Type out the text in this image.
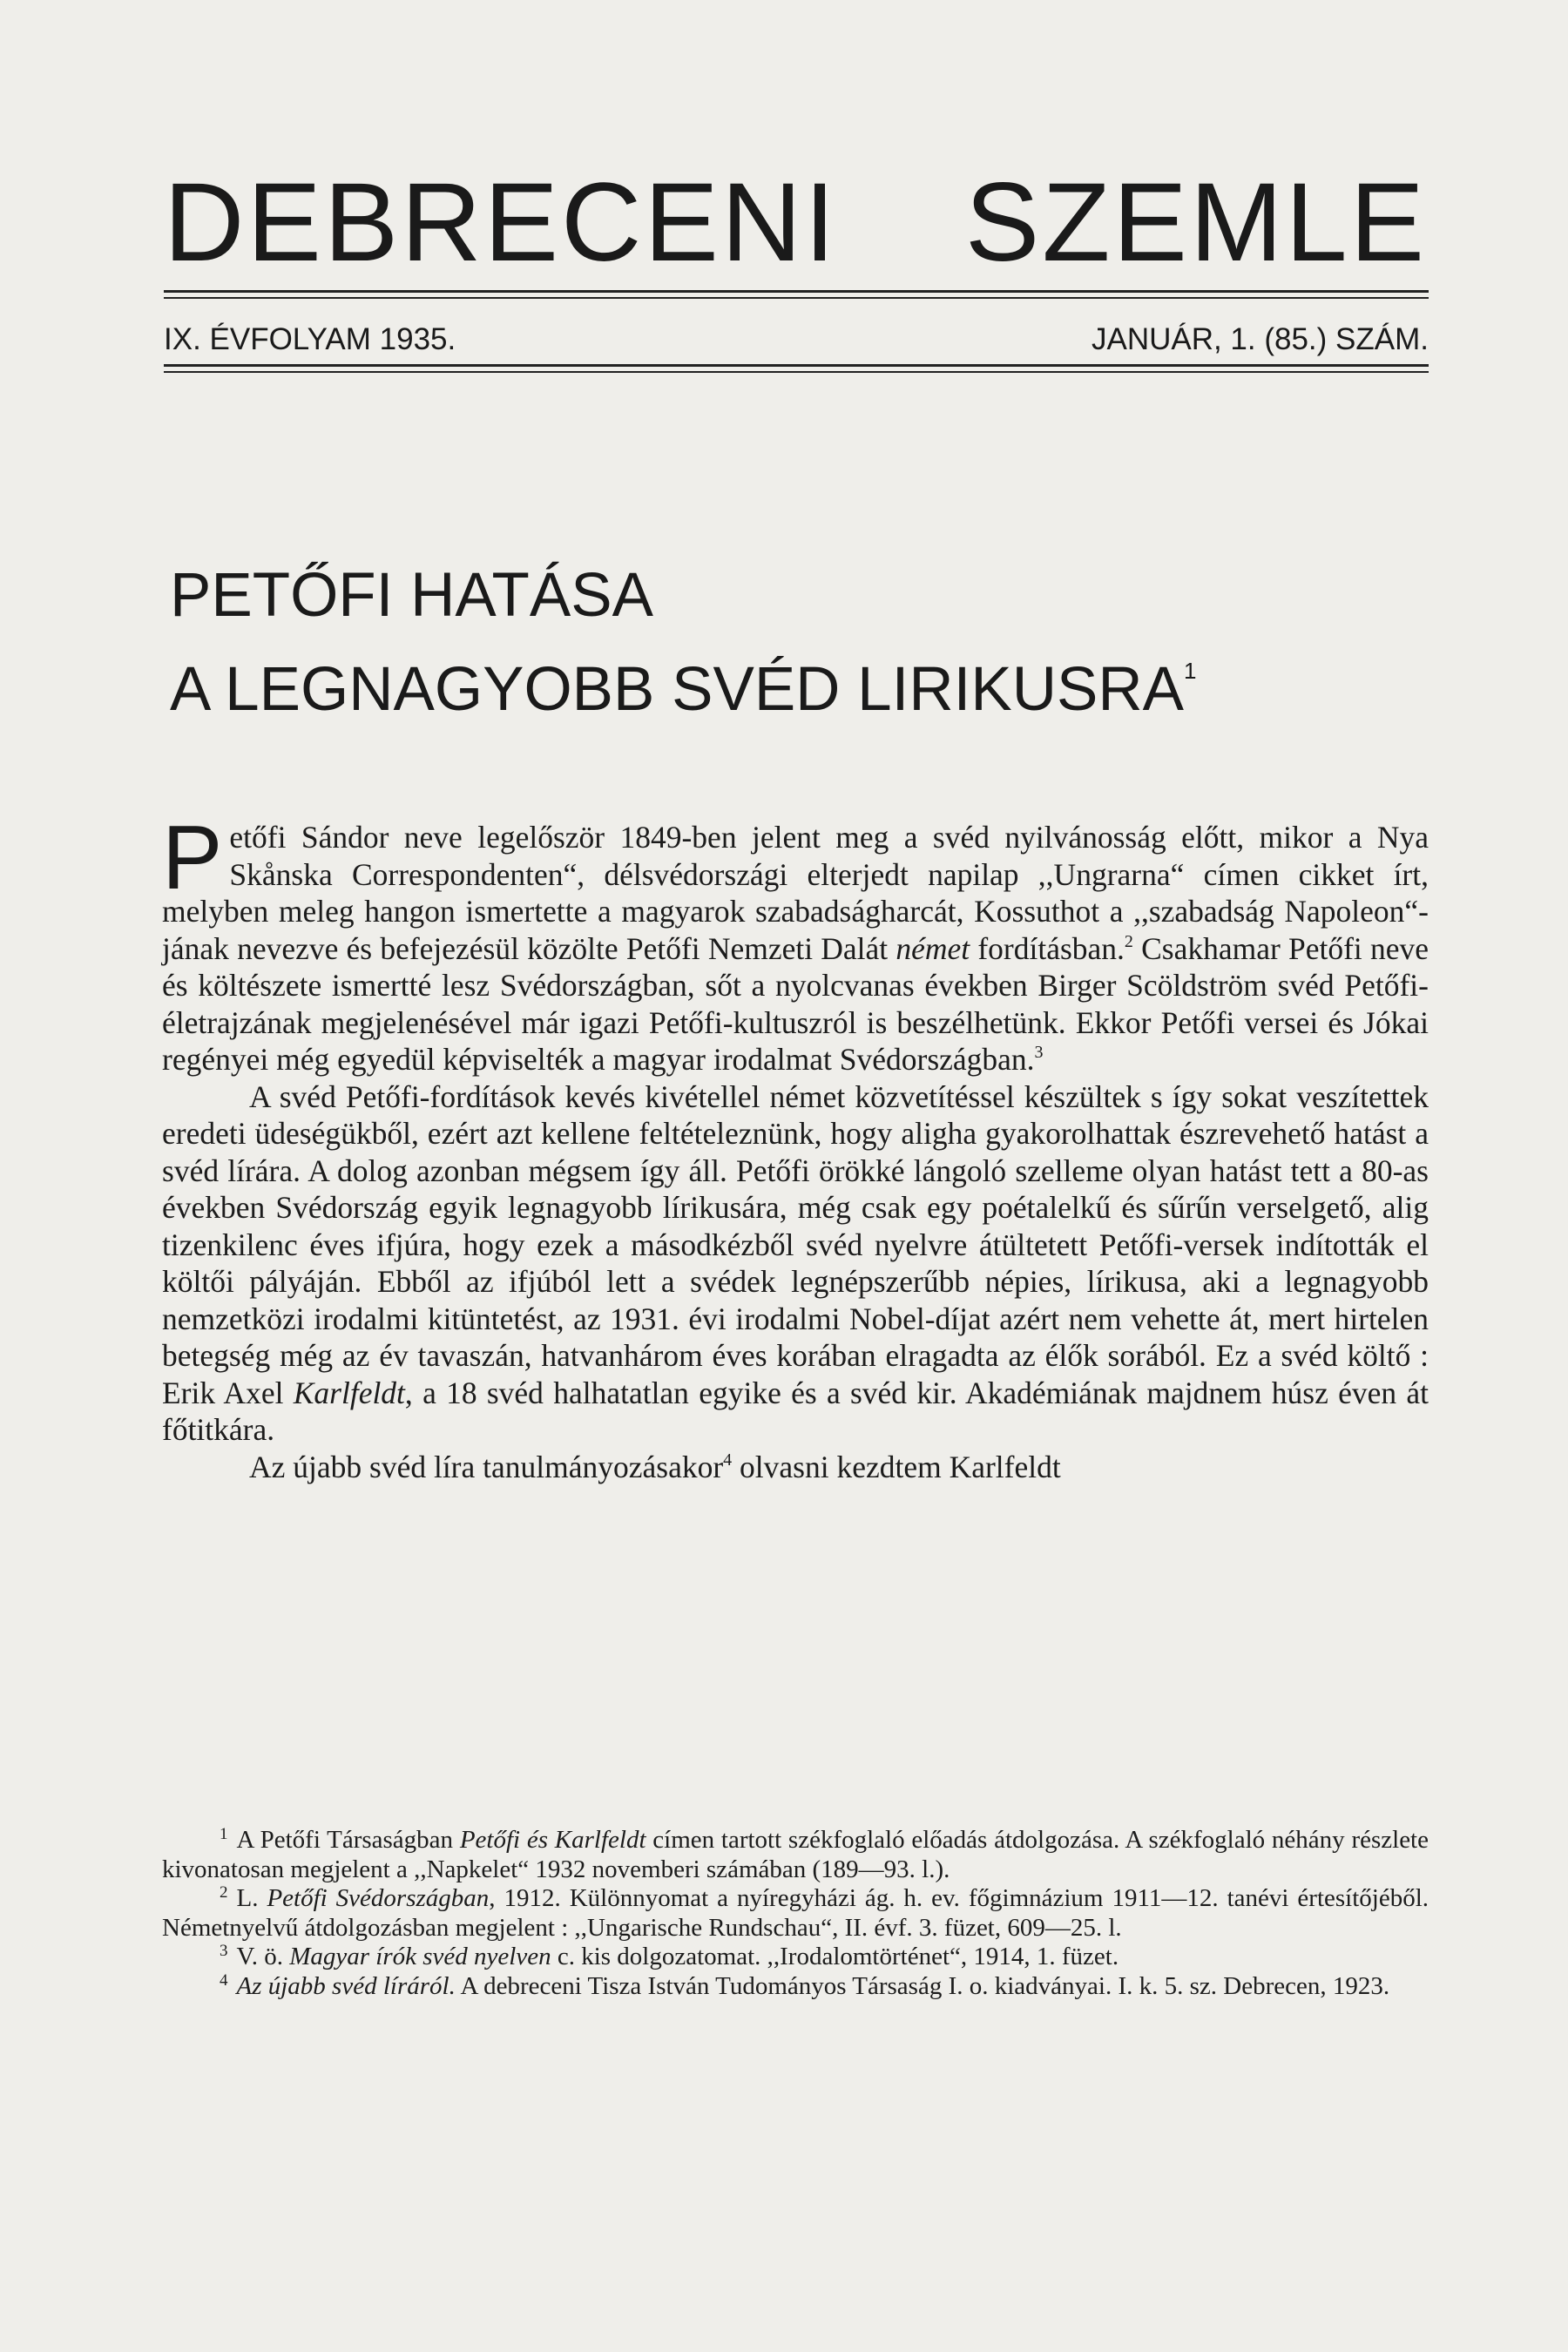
DEBRECENI SZEMLE
IX. ÉVFOLYAM 1935.	JANUÁR, 1. (85.) SZÁM.
PETŐFI HATÁSA
A LEGNAGYOBB SVÉD LIRIKUSRA$^1$

Petőfi Sándor neve legelőször 1849-ben jelent meg a svéd nyilvánosság előtt, mikor a Nya Skånska Correspondenten“, délsvédországi elterjedt napilap ,,Ungrarna“ címen cikket írt, melyben meleg hangon ismertette a magyarok szabadságharcát, Kossuthot a ,,szabadság Napoleon“-jának nevezve és befejezésül közölte Petőfi Nemzeti Dalát német fordításban.$^2$ Csakhamar Petőfi neve és költészete ismertté lesz Svédországban, sőt a nyolcvanas években Birger Scöldström svéd Petőfi-életrajzának megjelenésével már igazi Petőfi-kultuszról is beszélhetünk. Ekkor Petőfi versei és Jókai regényei még egyedül képviselték a magyar irodalmat Svédországban.$^3$

A svéd Petőfi-fordítások kevés kivétellel német közvetítéssel készültek s így sokat veszítettek eredeti üdeségükből, ezért azt kellene feltételeznünk, hogy aligha gyakorolhattak észrevehető hatást a svéd lírára. A dolog azonban mégsem így áll. Petőfi örökké lángoló szelleme olyan hatást tett a 80-as években Svédország egyik legnagyobb lírikusára, még csak egy poétalelkű és sűrűn verselgető, alig tizenkilenc éves ifjúra, hogy ezek a másodkézből svéd nyelvre átültetett Petőfi-versek indították el költői pályáján. Ebből az ifjúból lett a svédek legnépszerűbb népies, lírikusa, aki a legnagyobb nemzetközi irodalmi kitüntetést, az 1931. évi irodalmi Nobel-díjat azért nem vehette át, mert hirtelen betegség még az év tavaszán, hatvanhárom éves korában elragadta az élők sorából. Ez a svéd költő : Erik Axel Karlfeldt, a 18 svéd halhatatlan egyike és a svéd kir. Akadémiának majdnem húsz éven át főtitkára.

Az újabb svéd líra tanulmányozásakor$^4$ olvasni kezdtem Karlfeldt

$^1$ A Petőfi Társaságban Petőfi és Karlfeldt címen tartott székfoglaló előadás átdolgozása. A székfoglaló néhány részlete kivonatosan megjelent a ,,Napkelet“ 1932 novemberi számában (189—93. l.).

$^2$ L. Petőfi Svédországban, 1912. Különnyomat a nyíregyházi ág. h. ev. főgimnázium 1911—12. tanévi értesítőjéből. Németnyelvű átdolgozásban megjelent : ,,Ungarische Rundschau“, II. évf. 3. füzet, 609—25. l.

$^3$ V. ö. Magyar írók svéd nyelven c. kis dolgozatomat. ,,Irodalomtörténet“, 1914, 1. füzet.

$^4$ Az újabb svéd líráról. A debreceni Tisza István Tudományos Társaság I. o. kiadványai. I. k. 5. sz. Debrecen, 1923.
